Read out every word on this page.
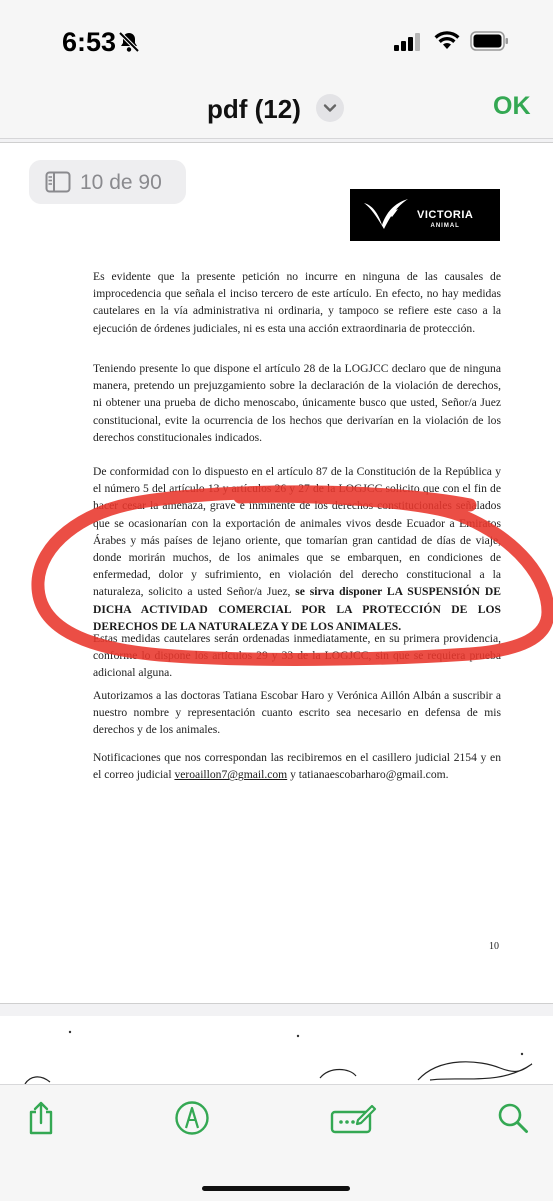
6:53
pdf (12)	OK
10 de 90
VICTORIA
ANIMAL
Es evidente que la presente petición no incurre en ninguna de las causales de improcedencia que señala el inciso tercero de este artículo. En efecto, no hay medidas cautelares en la vía administrativa ni ordinaria, y tampoco se refiere este caso a la ejecución de órdenes judiciales, ni es esta una acción extraordinaria de protección.
Teniendo presente lo que dispone el artículo 28 de la LOGJCC declaro que de ninguna manera, pretendo un prejuzgamiento sobre la declaración de la violación de derechos, ni obtener una prueba de dicho menoscabo, únicamente busco que usted, Señor/a Juez constitucional, evite la ocurrencia de los hechos que derivarían en la violación de los derechos constitucionales indicados.
De conformidad con lo dispuesto en el artículo 87 de la Constitución de la República y el número 5 del artículo 13 y artículos 26 y 27 de la LOGJCC solicito que con el fin de hacer cesar la amenaza, grave e inminente de los derechos constitucionales señalados que se ocasionarían con la exportación de animales vivos desde Ecuador a Emiratos Árabes y más países de lejano oriente, que tomarían gran cantidad de días de viaje, donde morirán muchos, de los animales que se embarquen, en condiciones de enfermedad, dolor y sufrimiento, en violación del derecho constitucional a la naturaleza, solicito a usted Señor/a Juez, se sirva disponer LA SUSPENSIÓN DE DICHA ACTIVIDAD COMERCIAL POR LA PROTECCIÓN DE LOS DERECHOS DE LA NATURALEZA Y DE LOS ANIMALES.
Estas medidas cautelares serán ordenadas inmediatamente, en su primera providencia, conforme lo dispone los artículos 29 y 33 de la LOGJCC, sin que se requiera prueba adicional alguna.
Autorizamos a las doctoras Tatiana Escobar Haro y Verónica Aillón Albán a suscribir a nuestro nombre y representación cuanto escrito sea necesario en defensa de mis derechos y de los animales.
Notificaciones que nos correspondan las recibiremos en el casillero judicial 2154 y en el correo judicial veroaillon7@gmail.com y tatianaescobarharo@gmail.com.
10
